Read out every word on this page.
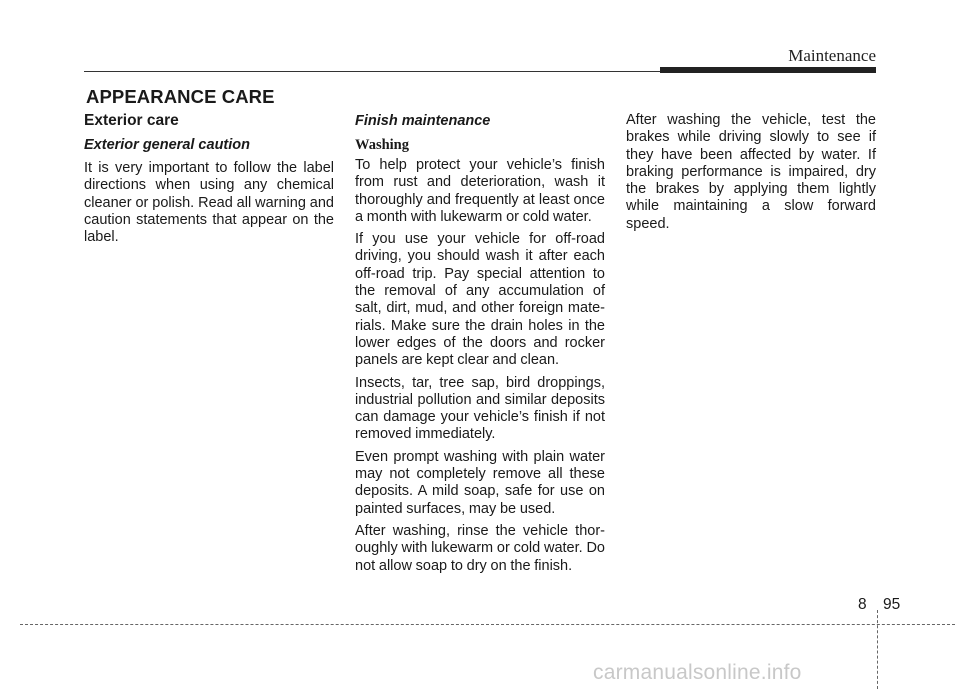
Maintenance
APPEARANCE CARE
Exterior care
Exterior general caution

It is very important to follow the label directions when using any chemical cleaner or polish. Read all warning and caution statements that appear on the label.

Finish maintenance
Washing

To help protect your vehicle’s finish from rust and deterioration, wash it thoroughly and frequently at least once a month with lukewarm or cold water.

If you use your vehicle for off-road driving, you should wash it after each off-road trip. Pay special attention to the removal of any accumulation of salt, dirt, mud, and other foreign mate-rials. Make sure the drain holes in the lower edges of the doors and rocker panels are kept clear and clean.

Insects, tar, tree sap, bird droppings, industrial pollution and similar deposits can damage your vehicle’s finish if not removed immediately.

Even prompt washing with plain water may not completely remove all these deposits. A mild soap, safe for use on painted surfaces, may be used.

After washing, rinse the vehicle thor-oughly with lukewarm or cold water. Do not allow soap to dry on the finish.

After washing the vehicle, test the brakes while driving slowly to see if they have been affected by water. If braking performance is impaired, dry the brakes by applying them lightly while maintaining a slow forward speed.

8 95
carmanualsonline.info
